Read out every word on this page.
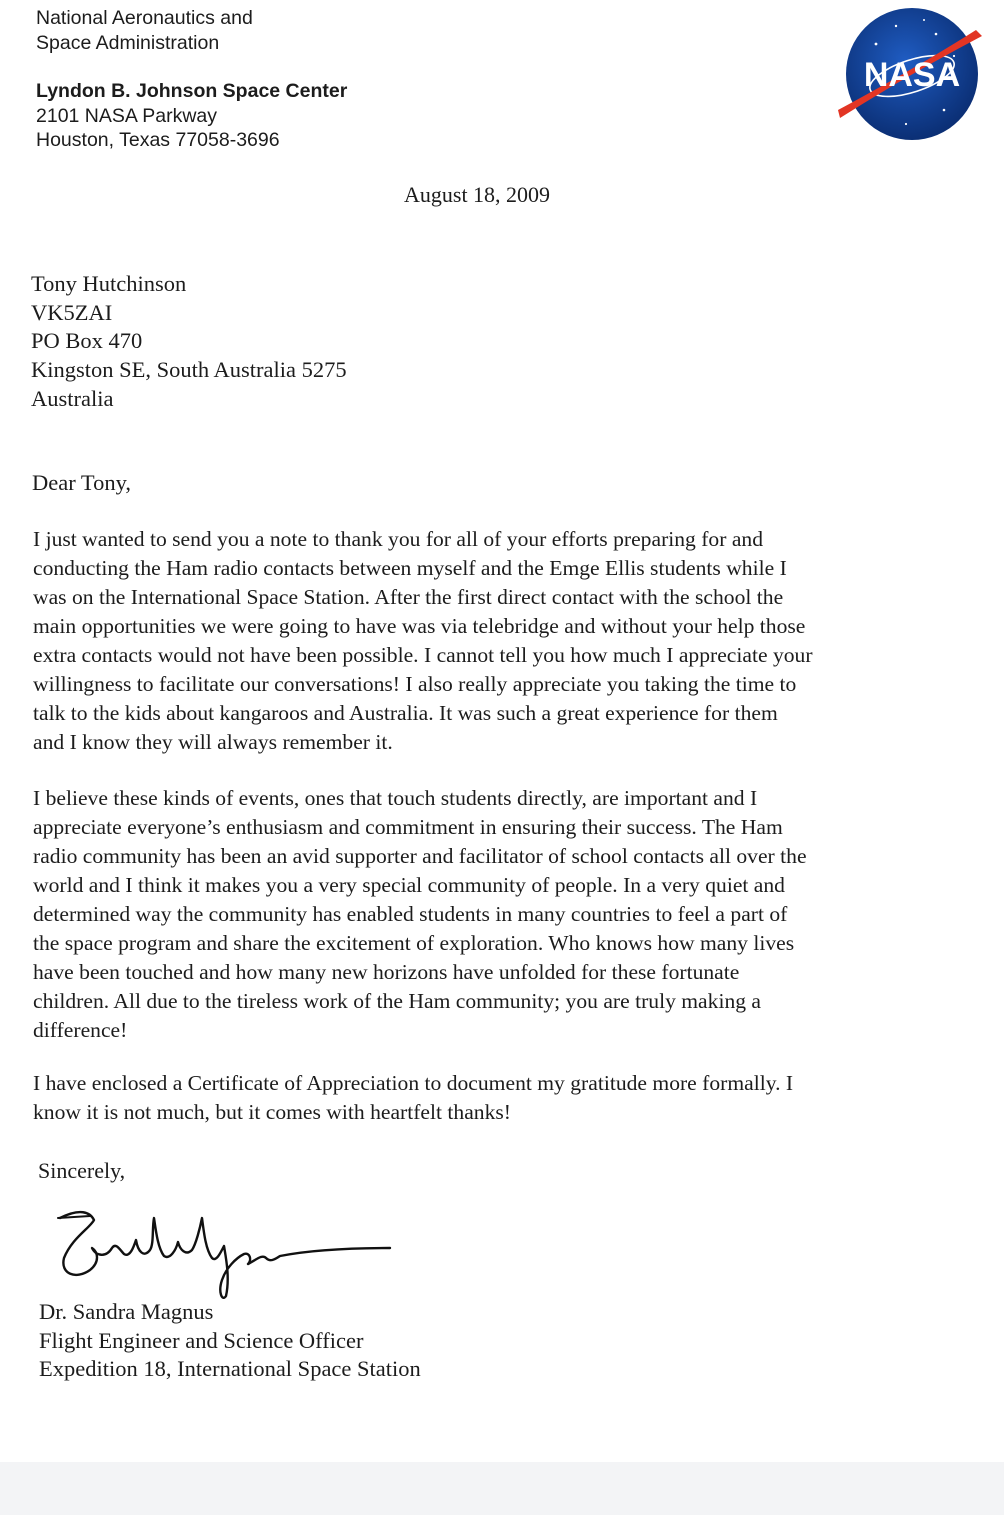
National Aeronautics and
Space Administration
Lyndon B. Johnson Space Center
2101 NASA Parkway
Houston, Texas 77058-3696
NASA
August 18, 2009
Tony Hutchinson
VK5ZAI
PO Box 470
Kingston SE, South Australia 5275
Australia
Dear Tony,
I just wanted to send you a note to thank you for all of your efforts preparing for and
conducting the Ham radio contacts between myself and the Emge Ellis students while I
was on the International Space Station. After the first direct contact with the school the
main opportunities we were going to have was via telebridge and without your help those
extra contacts would not have been possible. I cannot tell you how much I appreciate your
willingness to facilitate our conversations! I also really appreciate you taking the time to
talk to the kids about kangaroos and Australia. It was such a great experience for them
and I know they will always remember it.
I believe these kinds of events, ones that touch students directly, are important and I
appreciate everyone’s enthusiasm and commitment in ensuring their success. The Ham
radio community has been an avid supporter and facilitator of school contacts all over the
world and I think it makes you a very special community of people. In a very quiet and
determined way the community has enabled students in many countries to feel a part of
the space program and share the excitement of exploration. Who knows how many lives
have been touched and how many new horizons have unfolded for these fortunate
children. All due to the tireless work of the Ham community; you are truly making a
difference!
I have enclosed a Certificate of Appreciation to document my gratitude more formally. I
know it is not much, but it comes with heartfelt thanks!
Sincerely,
Dr. Sandra Magnus
Flight Engineer and Science Officer
Expedition 18, International Space Station
